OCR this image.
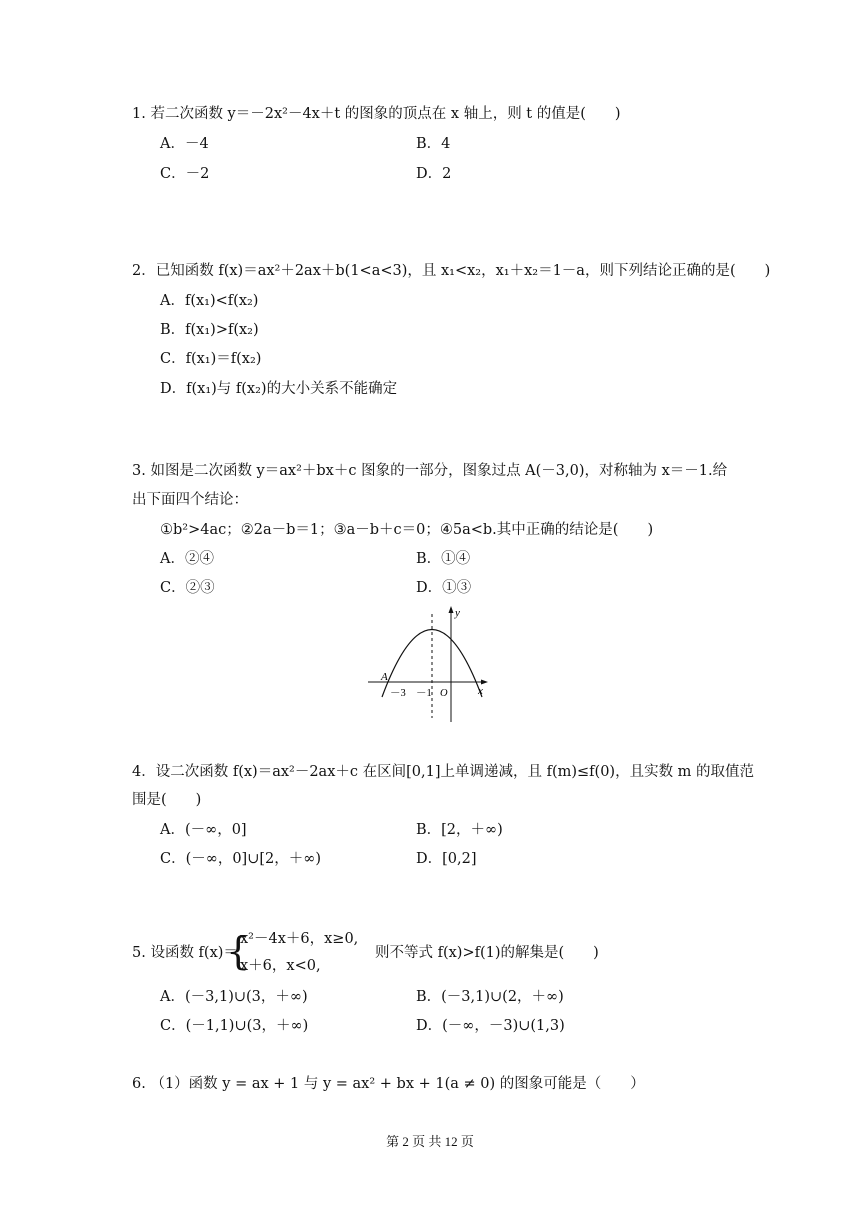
1. 若二次函数 y＝－2x²－4x＋t 的图象的顶点在 x 轴上，则 t 的值是(　　)
A．－4	B．4
C．－2	D．2
2．已知函数 f(x)＝ax²＋2ax＋b(1<a<3)，且 x₁<x₂，x₁＋x₂＝1－a，则下列结论正确的是(　　)
A．f(x₁)<f(x₂)
B．f(x₁)>f(x₂)
C．f(x₁)＝f(x₂)
D．f(x₁)与 f(x₂)的大小关系不能确定
3. 如图是二次函数 y＝ax²＋bx＋c 图象的一部分，图象过点 A(－3,0)，对称轴为 x＝－1.给
出下面四个结论：
①b²>4ac；②2a－b＝1；③a－b＋c＝0；④5a<b.其中正确的结论是(　　)
A．②④	B．①④
C．②③	D．①③
y
x
A
－3 －1 O
4．设二次函数 f(x)＝ax²－2ax＋c 在区间[0,1]上单调递减，且 f(m)≤f(0)，且实数 m 的取值范
围是(　　)
A．(－∞，0]	B．[2，＋∞)
C．(－∞，0]∪[2，＋∞)	D．[0,2]
5. 设函数 f(x)＝
{
x²－4x＋6，x≥0,
x＋6，x<0,
则不等式 f(x)>f(1)的解集是(　　)
A．(－3,1)∪(3，＋∞)	B．(－3,1)∪(2，＋∞)
C．(－1,1)∪(3，＋∞)	D．(－∞，－3)∪(1,3)
6. （1）函数 y = ax + 1 与 y = ax² + bx + 1(a ≠ 0) 的图象可能是（　　）
第 2 页 共 12 页
